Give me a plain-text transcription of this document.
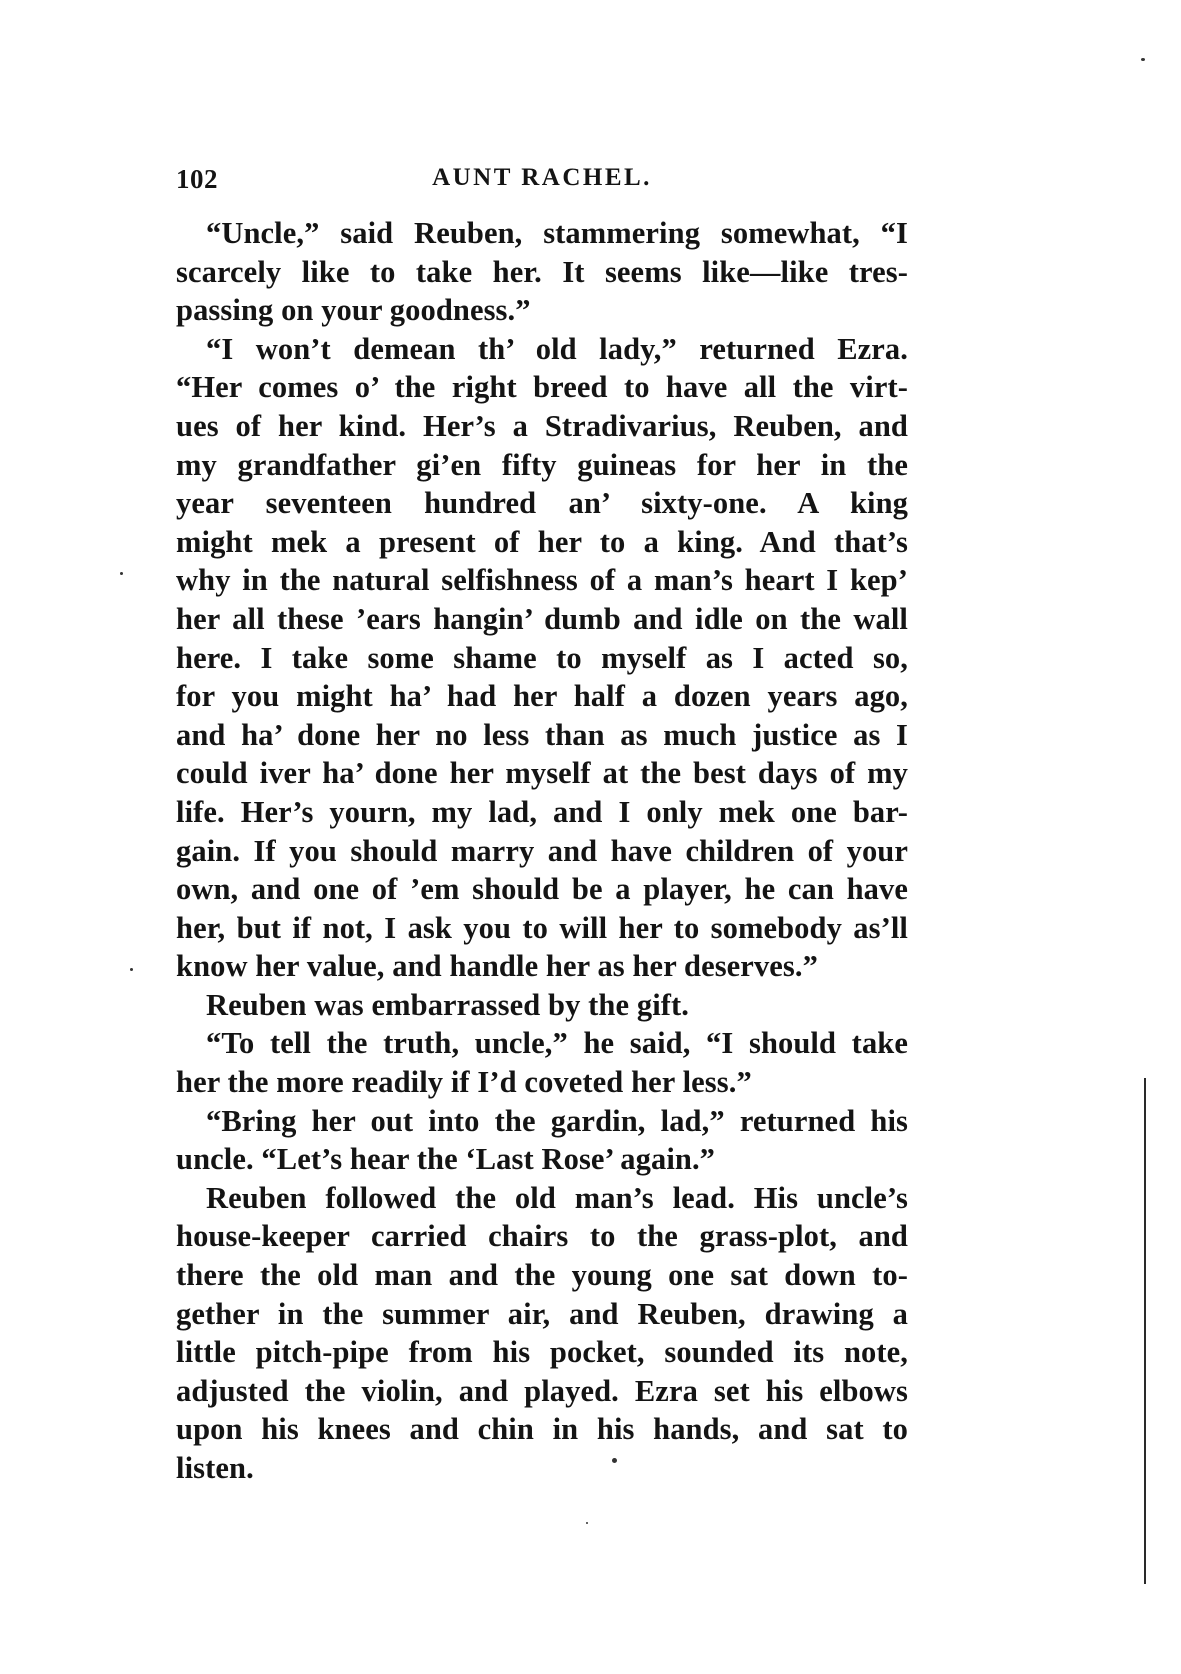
102	AUNT RACHEL.
“Uncle,” said Reuben, stammering somewhat, “I
scarcely like to take her. It seems like—like tres-
passing on your goodness.”
“I won’t demean th’ old lady,” returned Ezra.
“Her comes o’ the right breed to have all the virt-
ues of her kind. Her’s a Stradivarius, Reuben, and
my grandfather gi’en fifty guineas for her in the
year seventeen hundred an’ sixty-one. A king
might mek a present of her to a king. And that’s
why in the natural selfishness of a man’s heart I kep’
her all these ’ears hangin’ dumb and idle on the wall
here. I take some shame to myself as I acted so,
for you might ha’ had her half a dozen years ago,
and ha’ done her no less than as much justice as I
could iver ha’ done her myself at the best days of my
life. Her’s yourn, my lad, and I only mek one bar-
gain. If you should marry and have children of your
own, and one of ’em should be a player, he can have
her, but if not, I ask you to will her to somebody as’ll
know her value, and handle her as her deserves.”
Reuben was embarrassed by the gift.
“To tell the truth, uncle,” he said, “I should take
her the more readily if I’d coveted her less.”
“Bring her out into the gardin, lad,” returned his
uncle. “Let’s hear the ‘Last Rose’ again.”
Reuben followed the old man’s lead. His uncle’s
house-keeper carried chairs to the grass-plot, and
there the old man and the young one sat down to-
gether in the summer air, and Reuben, drawing a
little pitch-pipe from his pocket, sounded its note,
adjusted the violin, and played. Ezra set his elbows
upon his knees and chin in his hands, and sat to
listen.
